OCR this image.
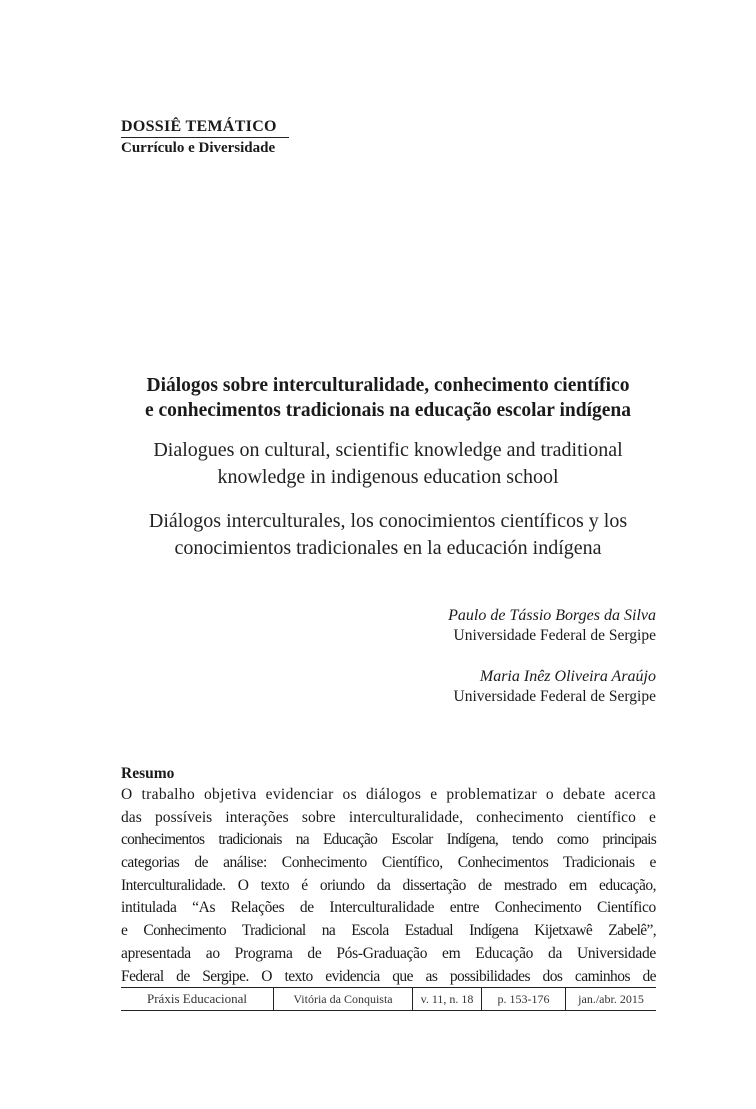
DOSSIÊ TEMÁTICO
Currículo e Diversidade
Diálogos sobre interculturalidade, conhecimento científico
e conhecimentos tradicionais na educação escolar indígena
Dialogues on cultural, scientific knowledge and traditional
knowledge in indigenous education school
Diálogos interculturales, los conocimientos científicos y los
conocimientos tradicionales en la educación indígena
Paulo de Tássio Borges da Silva
Universidade Federal de Sergipe
Maria Inêz Oliveira Araújo
Universidade Federal de Sergipe
Resumo
O trabalho objetiva evidenciar os diálogos e problematizar o debate acerca
das possíveis interações sobre interculturalidade, conhecimento científico e
conhecimentos tradicionais na Educação Escolar Indígena, tendo como principais
categorias de análise: Conhecimento Científico, Conhecimentos Tradicionais e
Interculturalidade. O texto é oriundo da dissertação de mestrado em educação,
intitulada “As Relações de Interculturalidade entre Conhecimento Científico
e Conhecimento Tradicional na Escola Estadual Indígena Kijetxawê Zabelê”,
apresentada ao Programa de Pós-Graduação em Educação da Universidade
Federal de Sergipe. O texto evidencia que as possibilidades dos caminhos de
Práxis Educacional	Vitória da Conquista	v. 11, n. 18	p. 153-176	jan./abr. 2015
